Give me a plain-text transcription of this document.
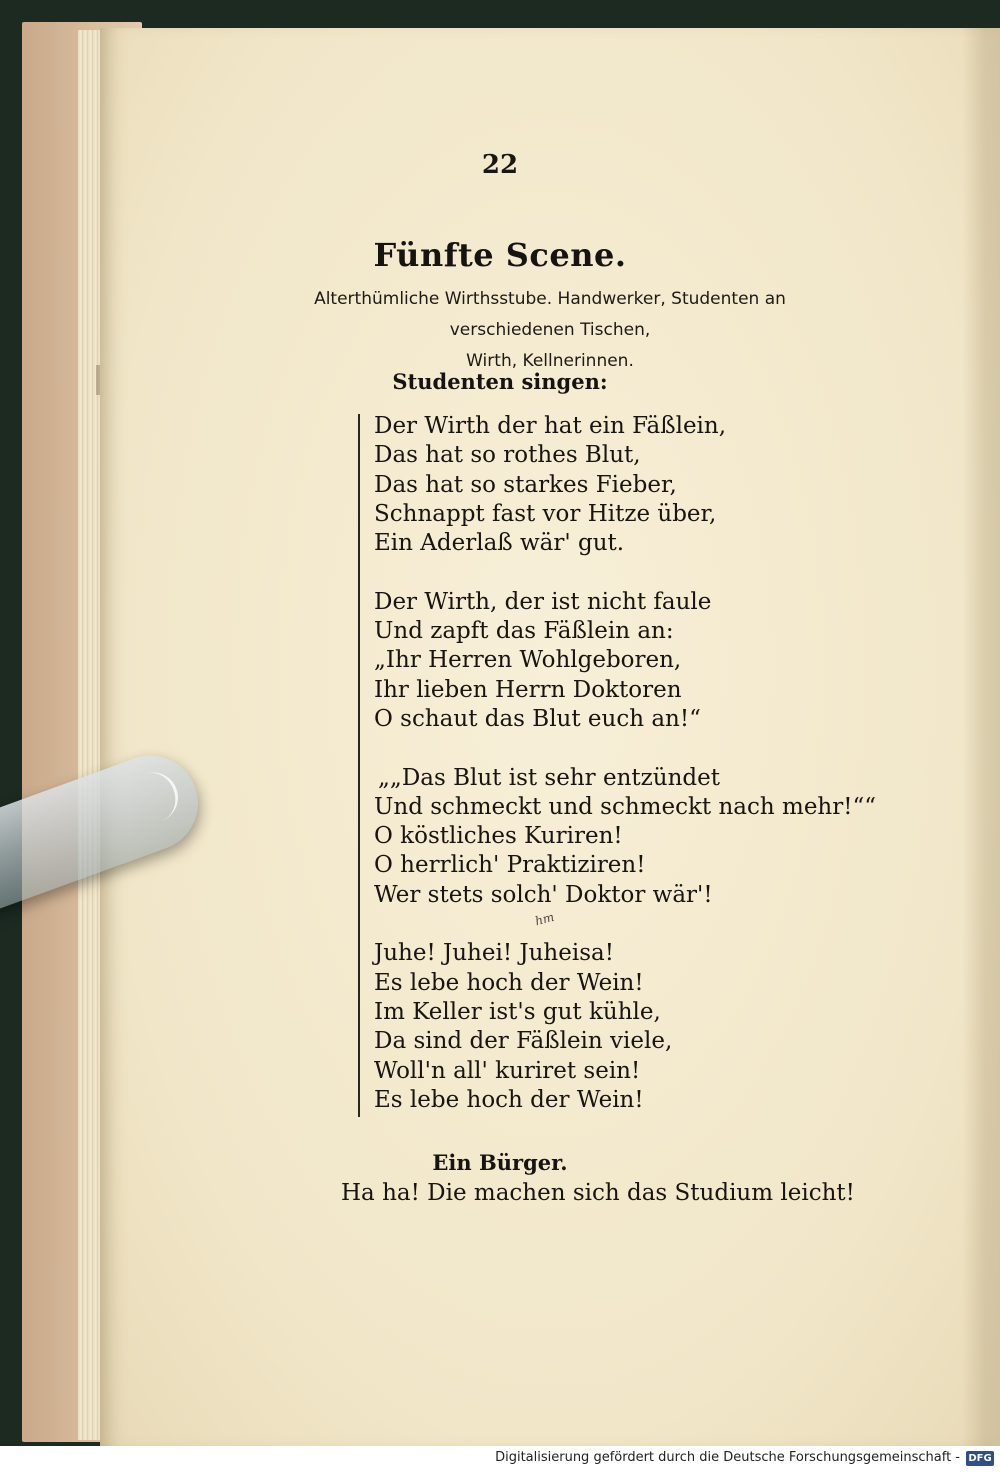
22
Fünfte Scene.
Alterthümliche Wirthsstube. Handwerker, Studenten an verschiedenen Tischen,
Wirth, Kellnerinnen.
Studenten singen:
Der Wirth der hat ein Fäßlein,
Das hat so rothes Blut,
Das hat so starkes Fieber,
Schnappt fast vor Hitze über,
Ein Aderlaß wär' gut.
Der Wirth, der ist nicht faule
Und zapft das Fäßlein an:
„Ihr Herren Wohlgeboren,
Ihr lieben Herrn Doktoren
O schaut das Blut euch an!“
„„Das Blut ist sehr entzündet
Und schmeckt und schmeckt nach mehr!““
O köstliches Kuriren!
O herrlich' Praktiziren!
Wer stets solch' Doktor wär'!
Juhe! Juhei! Juheisa!
Es lebe hoch der Wein!
Im Keller ist's gut kühle,
Da sind der Fäßlein viele,
Woll'n all' kuriret sein!
Es lebe hoch der Wein!
hm
Ein Bürger.
Ha ha! Die machen sich das Studium leicht!
Digitalisierung gefördert durch die Deutsche Forschungsgemeinschaft - DFG
